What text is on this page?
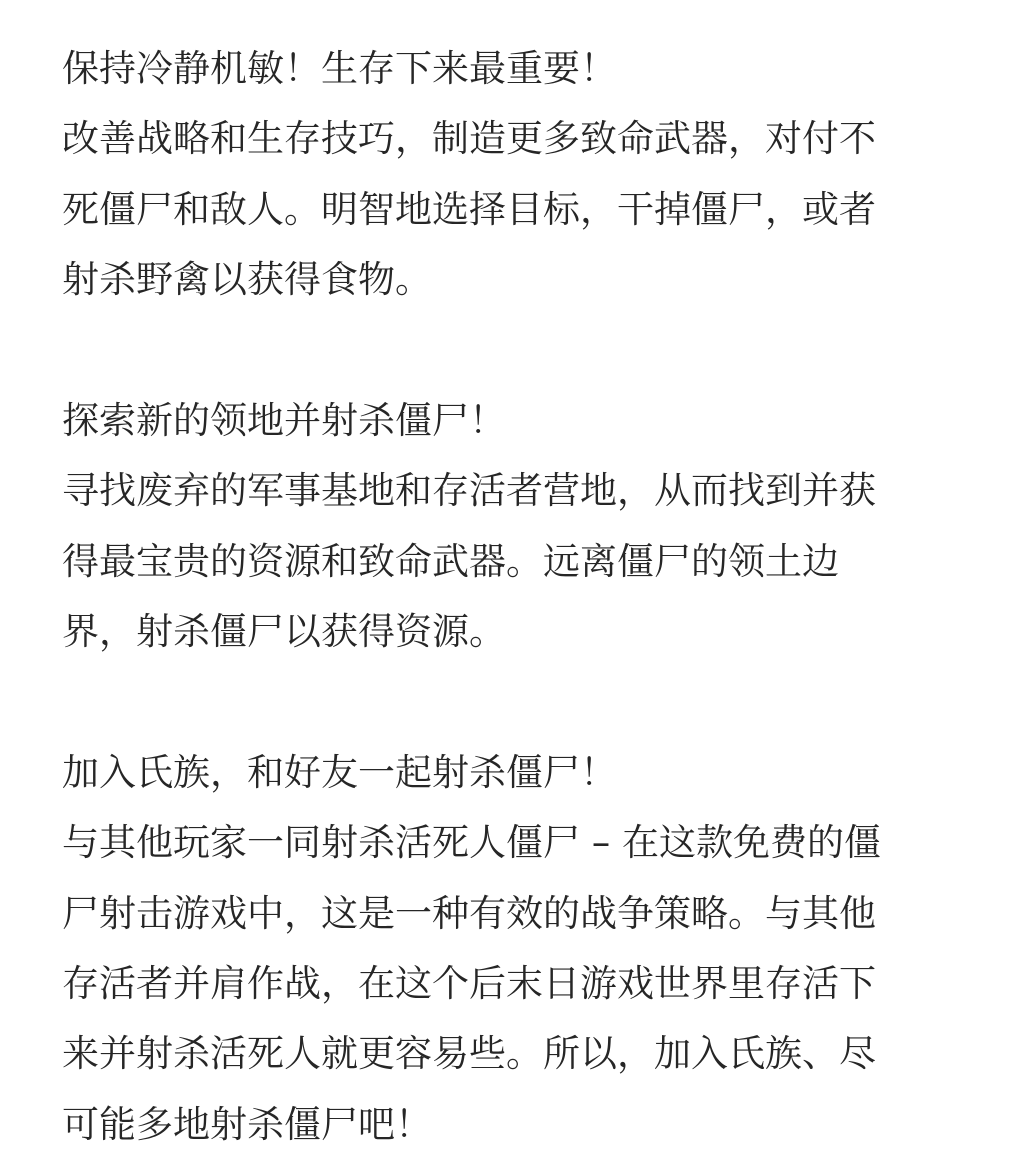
保持冷静机敏！生存下来最重要！
改善战略和生存技巧，制造更多致命武器，对付不
死僵尸和敌人。明智地选择目标，干掉僵尸，或者
射杀野禽以获得食物。
探索新的领地并射杀僵尸！
寻找废弃的军事基地和存活者营地，从而找到并获
得最宝贵的资源和致命武器。远离僵尸的领土边
界，射杀僵尸以获得资源。
加入氏族，和好友一起射杀僵尸！
与其他玩家一同射杀活死人僵尸 – 在这款免费的僵
尸射击游戏中，这是一种有效的战争策略。与其他
存活者并肩作战，在这个后末日游戏世界里存活下
来并射杀活死人就更容易些。所以，加入氏族、尽
可能多地射杀僵尸吧！
